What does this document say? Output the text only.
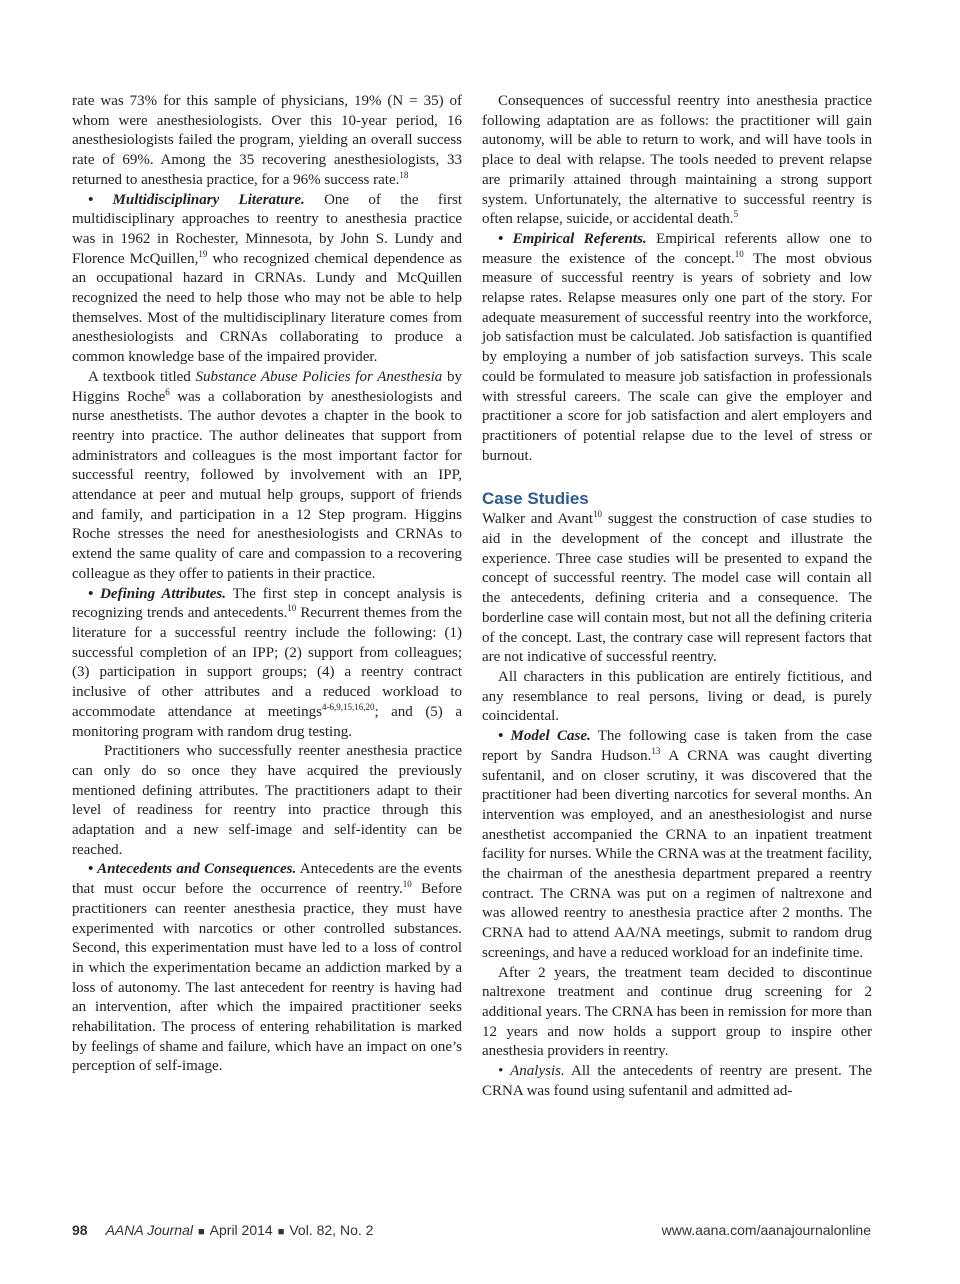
rate was 73% for this sample of physicians, 19% (N = 35) of whom were anesthesiologists. Over this 10-year period, 16 anesthesiologists failed the program, yielding an overall success rate of 69%. Among the 35 recovering anesthesiologists, 33 returned to anesthesia practice, for a 96% success rate.$^{18}$

• Multidisciplinary Literature. One of the first multidisciplinary approaches to reentry to anesthesia practice was in 1962 in Rochester, Minnesota, by John S. Lundy and Florence McQuillen,$^{19}$ who recognized chemical dependence as an occupational hazard in CRNAs. Lundy and McQuillen recognized the need to help those who may not be able to help themselves. Most of the multidisciplinary literature comes from anesthesiologists and CRNAs collaborating to produce a common knowledge base of the impaired provider.

A textbook titled Substance Abuse Policies for Anesthesia by Higgins Roche$^6$ was a collaboration by anesthesiologists and nurse anesthetists. The author devotes a chapter in the book to reentry into practice. The author delineates that support from administrators and colleagues is the most important factor for successful reentry, followed by involvement with an IPP, attendance at peer and mutual help groups, support of friends and family, and participation in a 12 Step program. Higgins Roche stresses the need for anesthesiologists and CRNAs to extend the same quality of care and compassion to a recovering colleague as they offer to patients in their practice.

• Defining Attributes. The first step in concept analysis is recognizing trends and antecedents.$^{10}$ Recurrent themes from the literature for a successful reentry include the following: (1) successful completion of an IPP; (2) support from colleagues; (3) participation in support groups; (4) a reentry contract inclusive of other attributes and a reduced workload to accommodate attendance at meetings$^{4-6,9,15,16,20}$; and (5) a monitoring program with random drug testing.

Practitioners who successfully reenter anesthesia practice can only do so once they have acquired the previously mentioned defining attributes. The practitioners adapt to their level of readiness for reentry into practice through this adaptation and a new self-image and self-identity can be reached.

• Antecedents and Consequences. Antecedents are the events that must occur before the occurrence of reentry.$^{10}$ Before practitioners can reenter anesthesia practice, they must have experimented with narcotics or other controlled substances. Second, this experimentation must have led to a loss of control in which the experimentation became an addiction marked by a loss of autonomy. The last antecedent for reentry is having had an intervention, after which the impaired practitioner seeks rehabilitation. The process of entering rehabilitation is marked by feelings of shame and failure, which have an impact on one’s perception of self-image.

Consequences of successful reentry into anesthesia practice following adaptation are as follows: the practitioner will gain autonomy, will be able to return to work, and will have tools in place to deal with relapse. The tools needed to prevent relapse are primarily attained through maintaining a strong support system. Unfortunately, the alternative to successful reentry is often relapse, suicide, or accidental death.$^5$

• Empirical Referents. Empirical referents allow one to measure the existence of the concept.$^{10}$ The most obvious measure of successful reentry is years of sobriety and low relapse rates. Relapse measures only one part of the story. For adequate measurement of successful reentry into the workforce, job satisfaction must be calculated. Job satisfaction is quantified by employing a number of job satisfaction surveys. This scale could be formulated to measure job satisfaction in professionals with stressful careers. The scale can give the employer and practitioner a score for job satisfaction and alert employers and practitioners of potential relapse due to the level of stress or burnout.

Case Studies

Walker and Avant$^{10}$ suggest the construction of case studies to aid in the development of the concept and illustrate the experience. Three case studies will be presented to expand the concept of successful reentry. The model case will contain all the antecedents, defining criteria and a consequence. The borderline case will contain most, but not all the defining criteria of the concept. Last, the contrary case will represent factors that are not indicative of successful reentry.

All characters in this publication are entirely fictitious, and any resemblance to real persons, living or dead, is purely coincidental.

• Model Case. The following case is taken from the case report by Sandra Hudson.$^{13}$ A CRNA was caught diverting sufentanil, and on closer scrutiny, it was discovered that the practitioner had been diverting narcotics for several months. An intervention was employed, and an anesthesiologist and nurse anesthetist accompanied the CRNA to an inpatient treatment facility for nurses. While the CRNA was at the treatment facility, the chairman of the anesthesia department prepared a reentry contract. The CRNA was put on a regimen of naltrexone and was allowed reentry to anesthesia practice after 2 months. The CRNA had to attend AA/NA meetings, submit to random drug screenings, and have a reduced workload for an indefinite time.

After 2 years, the treatment team decided to discontinue naltrexone treatment and continue drug screening for 2 additional years. The CRNA has been in remission for more than 12 years and now holds a support group to inspire other anesthesia providers in reentry.

• Analysis. All the antecedents of reentry are present. The CRNA was found using sufentanil and admitted ad-

98 AANA Journal ■ April 2014 ■ Vol. 82, No. 2	www.aana.com/aanajournalonline
